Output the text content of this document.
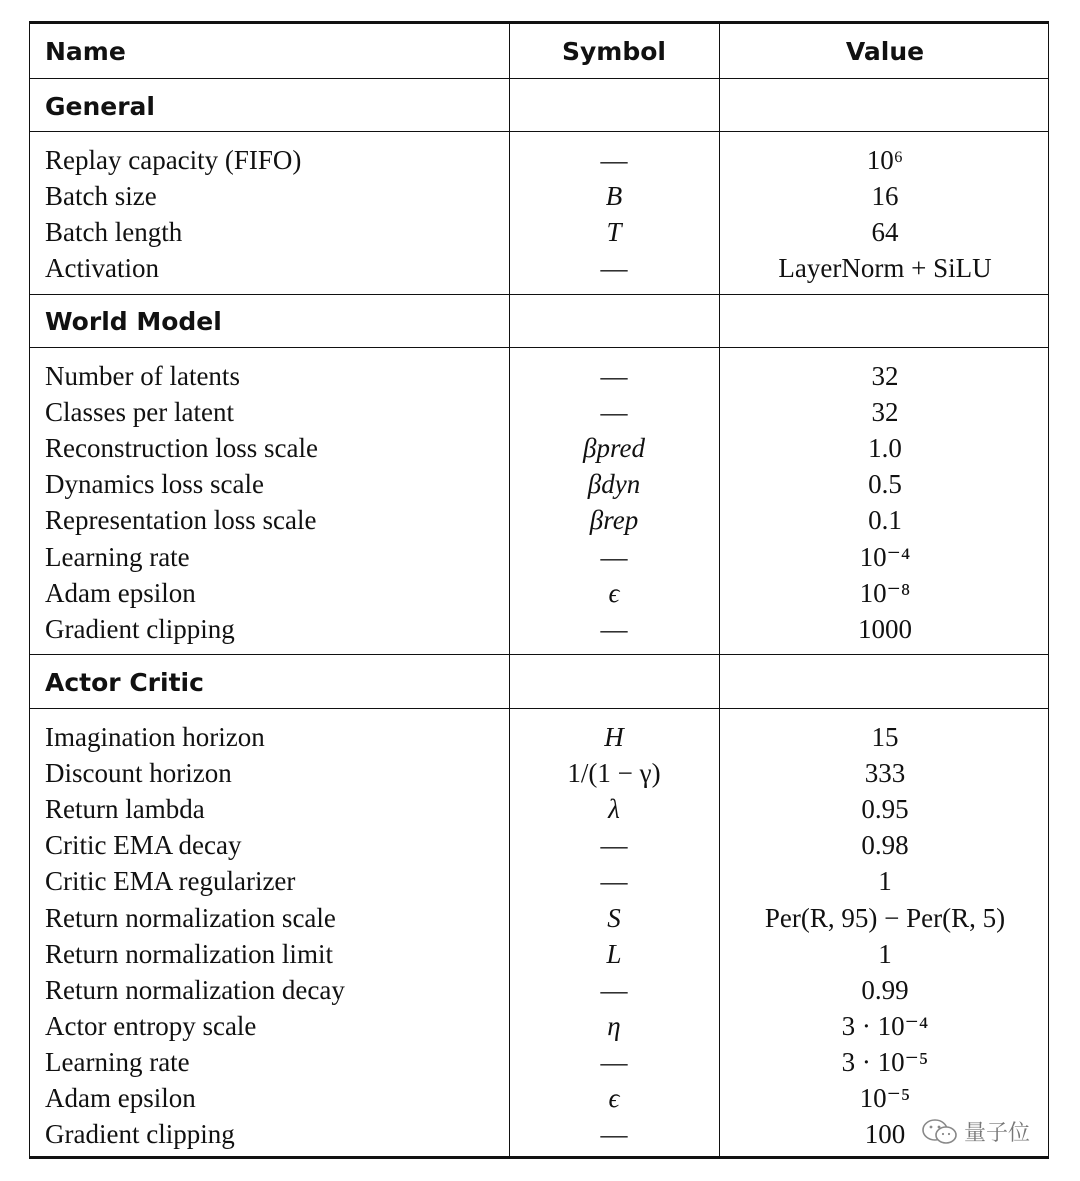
Name	Symbol	Value
General
Replay capacity (FIFO)	—	10⁶
Batch size	B	16
Batch length	T	64
Activation	—	LayerNorm + SiLU
World Model
Number of latents	—	32
Classes per latent	—	32
Reconstruction loss scale	βpred	1.0
Dynamics loss scale	βdyn	0.5
Representation loss scale	βrep	0.1
Learning rate	—	10⁻⁴
Adam epsilon	ϵ	10⁻⁸
Gradient clipping	—	1000
Actor Critic
Imagination horizon	H	15
Discount horizon	1/(1 − γ)	333
Return lambda	λ	0.95
Critic EMA decay	—	0.98
Critic EMA regularizer	—	1
Return normalization scale	S	Per(R, 95) − Per(R, 5)
Return normalization limit	L	1
Return normalization decay	—	0.99
Actor entropy scale	η	3 · 10⁻⁴
Learning rate	—	3 · 10⁻⁵
Adam epsilon	ϵ	10⁻⁵
Gradient clipping	—	100	量子位
